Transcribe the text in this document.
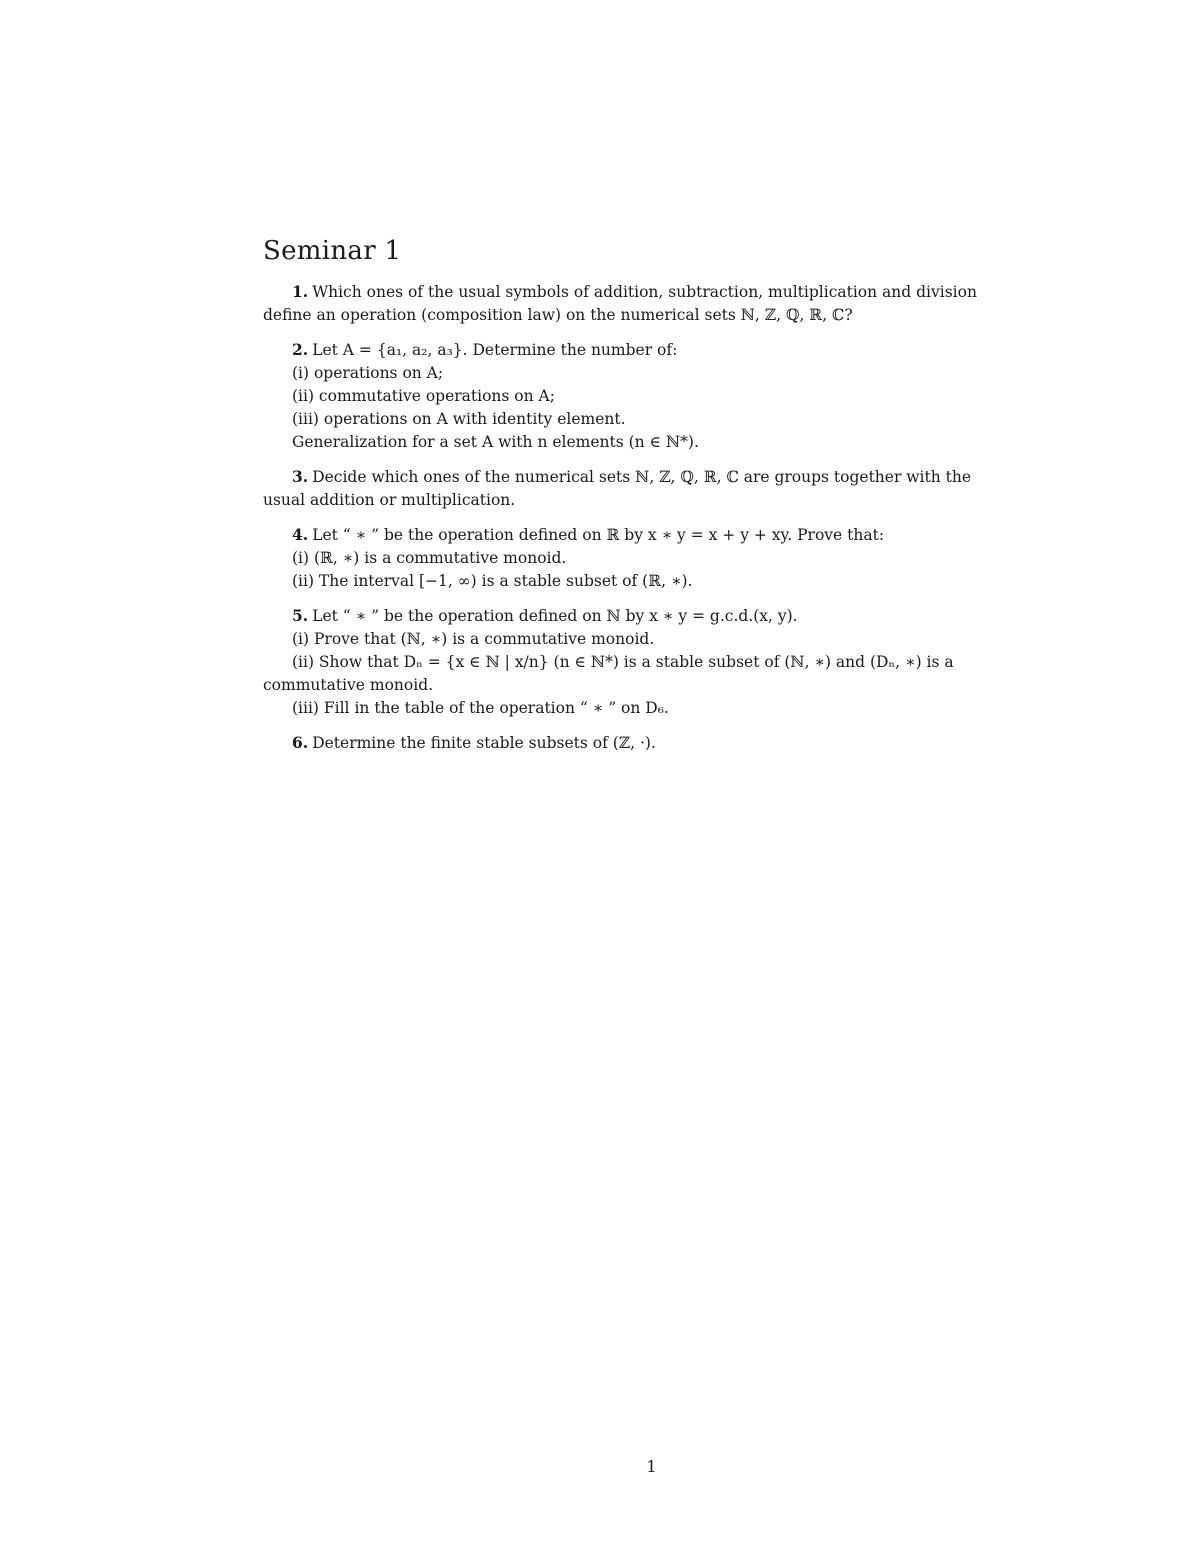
Seminar 1
1. Which ones of the usual symbols of addition, subtraction, multiplication and division
define an operation (composition law) on the numerical sets ℕ, ℤ, ℚ, ℝ, ℂ?
2. Let A = {a₁, a₂, a₃}. Determine the number of:
(i) operations on A;
(ii) commutative operations on A;
(iii) operations on A with identity element.
Generalization for a set A with n elements (n ∈ ℕ*).
3. Decide which ones of the numerical sets ℕ, ℤ, ℚ, ℝ, ℂ are groups together with the
usual addition or multiplication.
4. Let “ ∗ ” be the operation defined on ℝ by x ∗ y = x + y + xy. Prove that:
(i) (ℝ, ∗) is a commutative monoid.
(ii) The interval [−1, ∞) is a stable subset of (ℝ, ∗).
5. Let “ ∗ ” be the operation defined on ℕ by x ∗ y = g.c.d.(x, y).
(i) Prove that (ℕ, ∗) is a commutative monoid.
(ii) Show that Dₙ = {x ∈ ℕ | x/n} (n ∈ ℕ*) is a stable subset of (ℕ, ∗) and (Dₙ, ∗) is a
commutative monoid.
(iii) Fill in the table of the operation “ ∗ ” on D₆.
6. Determine the finite stable subsets of (ℤ, ·).
1
